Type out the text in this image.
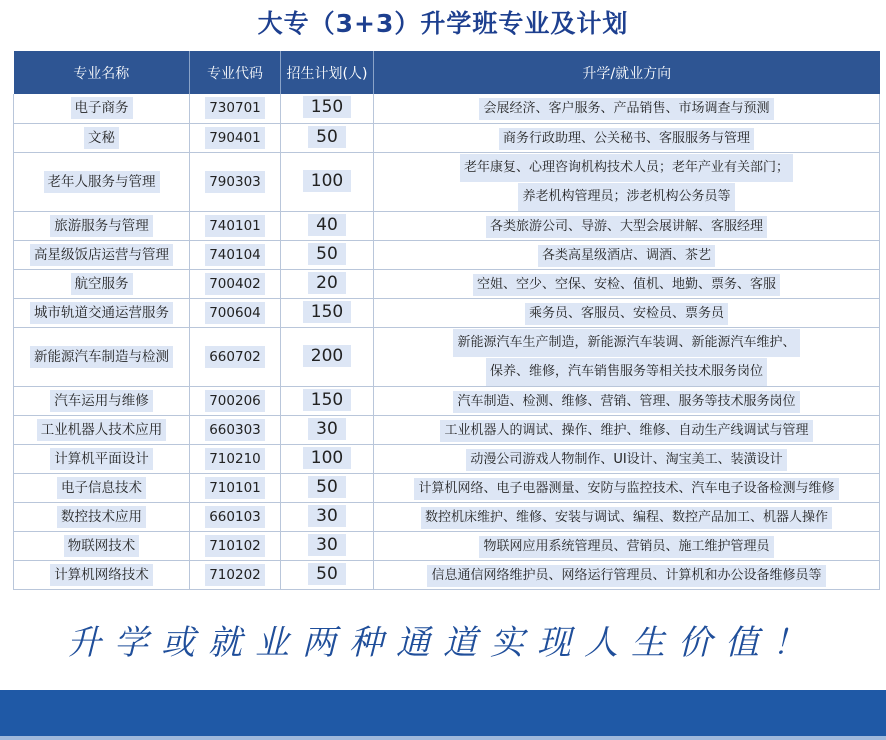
大专（3+3）升学班专业及计划
专业名称	专业代码	招生计划(人)	升学/就业方向
电子商务	730701	150	会展经济、客户服务、产品销售、市场调查与预测

文秘	790401	50	商务行政助理、公关秘书、客服服务与管理

老年人服务与管理	790303	100	老年康复、心理咨询机构技术人员；老年产业有关部门；
养老机构管理员；涉老机构公务员等

旅游服务与管理	740101	40	各类旅游公司、导游、大型会展讲解、客服经理

高星级饭店运营与管理	740104	50	各类高星级酒店、调酒、茶艺

航空服务	700402	20	空姐、空少、空保、安检、值机、地勤、票务、客服

城市轨道交通运营服务	700604	150	乘务员、客服员、安检员、票务员

新能源汽车制造与检测	660702	200	新能源汽车生产制造，新能源汽车装调、新能源汽车维护、
保养、维修，汽车销售服务等相关技术服务岗位

汽车运用与维修	700206	150	汽车制造、检测、维修、营销、管理、服务等技术服务岗位

工业机器人技术应用	660303	30	工业机器人的调试、操作、维护、维修、自动生产线调试与管理

计算机平面设计	710210	100	动漫公司游戏人物制作、UI设计、淘宝美工、装潢设计

电子信息技术	710101	50	计算机网络、电子电器测量、安防与监控技术、汽车电子设备检测与维修

数控技术应用	660103	30	数控机床维护、维修、安装与调试、编程、数控产品加工、机器人操作

物联网技术	710102	30	物联网应用系统管理员、营销员、施工维护管理员

计算机网络技术	710202	50	信息通信网络维护员、网络运行管理员、计算机和办公设备维修员等
升学或就业两种通道实现人生价值！
